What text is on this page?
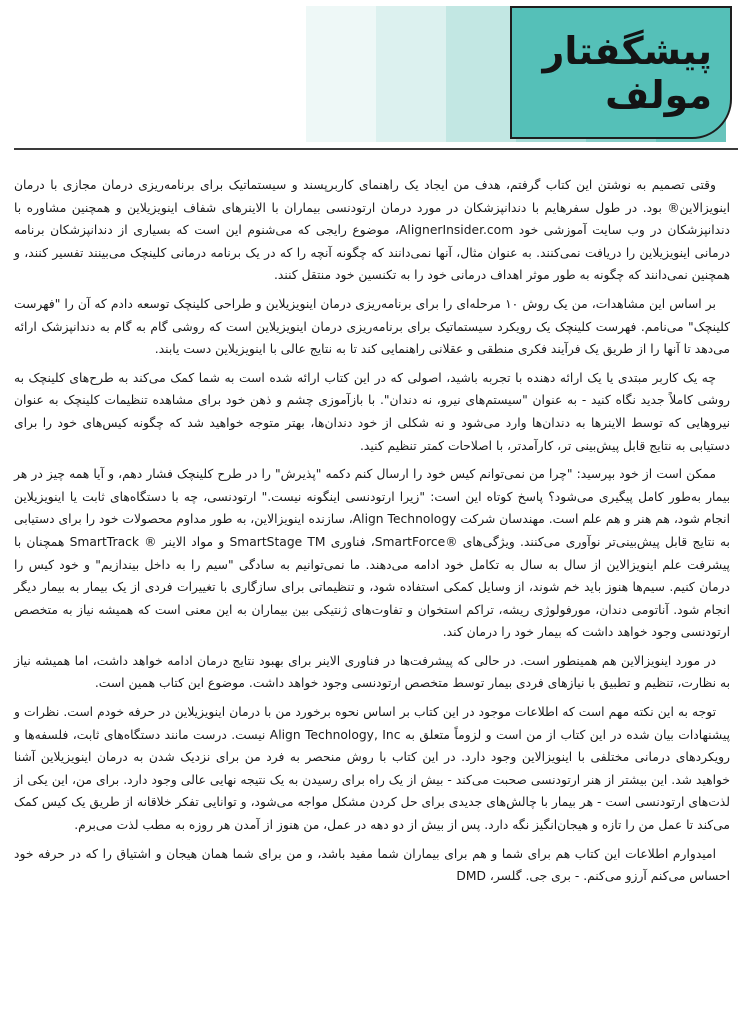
پیشگفتار مولف

وقتی تصمیم به نوشتن این کتاب گرفتم، هدف من ایجاد یک راهنمای کاربرپسند و سیستماتیک برای برنامه‌ریزی درمان مجازی با درمان اینویزالاین® بود. در طول سفرهایم با دندانپزشکان در مورد درمان ارتودنسی بیماران با الاینرهای شفاف اینویزیلاین و همچنین مشاوره با دندانپزشکان در وب سایت آموزشی خود AlignerInsider.com، موضوع رایجی که می‌شنوم این است که بسیاری از دندانپزشکان برنامه درمانی اینویزیلاین را دریافت نمی‌کنند. به عنوان مثال، آنها نمی‌دانند که چگونه آنچه را که در یک برنامه درمانی کلینچک می‌بینند تفسیر کنند، و همچنین نمی‌دانند که چگونه به طور موثر اهداف درمانی خود را به تکنسین خود منتقل کنند.

بر اساس این مشاهدات، من یک روش ۱۰ مرحله‌ای را برای برنامه‌ریزی درمان اینویزیلاین و طراحی کلینچک توسعه دادم که آن را "فهرست کلینچک" می‌نامم. فهرست کلینچک یک رویکرد سیستماتیک برای برنامه‌ریزی درمان اینویزیلاین است که روشی گام به گام به دندانپزشک ارائه می‌دهد تا آنها را از طریق یک فرآیند فکری منطقی و عقلانی راهنمایی کند تا به نتایج عالی با اینویزیلاین دست یابند.

چه یک کاربر مبتدی یا یک ارائه دهنده با تجربه باشید، اصولی که در این کتاب ارائه شده است به شما کمک می‌کند به طرح‌های کلینچک به روشی کاملاً جدید نگاه کنید - به عنوان "سیستم‌های نیرو، نه دندان". با بازآموزی چشم و ذهن خود برای مشاهده تنظیمات کلینچک به عنوان نیروهایی که توسط الاینرها به دندان‌ها وارد می‌شود و نه شکلی از خود دندان‌ها، بهتر متوجه خواهید شد که چگونه کیس‌های خود را برای دستیابی به نتایج قابل پیش‌بینی تر، کارآمدتر، با اصلاحات کمتر تنظیم کنید.

ممکن است از خود بپرسید: "چرا من نمی‌توانم کیس خود را ارسال کنم دکمه "پذیرش" را در طرح کلینچک فشار دهم، و آیا همه چیز در هر بیمار به‌طور کامل پیگیری می‌شود؟ پاسخ کوتاه این است: "زیرا ارتودنسی اینگونه نیست." ارتودنسی، چه با دستگاه‌های ثابت یا اینویزیلاین انجام شود، هم هنر و هم علم است. مهندسان شرکت Align Technology، سازنده اینویزالاین، به طور مداوم محصولات خود را برای دستیابی به نتایج قابل پیش‌بینی‌تر نوآوری می‌کنند. ویژگی‌های ®SmartForce، فناوری SmartStage TM و مواد الاینر ® SmartTrack همچنان با پیشرفت علم اینویزالاین از سال به سال به تکامل خود ادامه می‌دهند. ما نمی‌توانیم به سادگی "سیم را به داخل بیندازیم" و خود کیس را درمان کنیم. سیم‌ها هنوز باید خم شوند، از وسایل کمکی استفاده شود، و تنظیماتی برای سازگاری با تغییرات فردی از یک بیمار به بیمار دیگر انجام شود. آناتومی دندان، مورفولوژی ریشه، تراکم استخوان و تفاوت‌های ژنتیکی بین بیماران به این معنی است که همیشه نیاز به متخصص ارتودنسی وجود خواهد داشت که بیمار خود را درمان کند.

در مورد اینویزالاین هم همینطور است. در حالی که پیشرفت‌ها در فناوری الاینر برای بهبود نتایج درمان ادامه خواهد داشت، اما همیشه نیاز به نظارت، تنظیم و تطبیق با نیازهای فردی بیمار توسط متخصص ارتودنسی وجود خواهد داشت. موضوع این کتاب همین است.

توجه به این نکته مهم است که اطلاعات موجود در این کتاب بر اساس نحوه برخورد من با درمان اینویزیلاین در حرفه خودم است. نظرات و پیشنهادات بیان شده در این کتاب از من است و لزوماً متعلق به Align Technology, Inc نیست. درست مانند دستگاه‌های ثابت، فلسفه‌ها و رویکردهای درمانی مختلفی با اینویزالاین وجود دارد. در این کتاب با روش منحصر به فرد من برای نزدیک شدن به درمان اینویزیلاین آشنا خواهید شد. این بیشتر از هنر ارتودنسی صحبت می‌کند - بیش از یک راه برای رسیدن به یک نتیجه نهایی عالی وجود دارد. برای من، این یکی از لذت‌های ارتودنسی است - هر بیمار با چالش‌های جدیدی برای حل کردن مشکل مواجه می‌شود، و توانایی تفکر خلاقانه از طریق یک کیس کمک می‌کند تا عمل من را تازه و هیجان‌انگیز نگه دارد. پس از بیش از دو دهه در عمل، من هنوز از آمدن هر روزه به مطب لذت می‌برم.

امیدوارم اطلاعات این کتاب هم برای شما و هم برای بیماران شما مفید باشد، و من برای شما همان هیجان و اشتیاق را که در حرفه خود احساس می‌کنم آرزو می‌کنم. - بری جی. گلسر، DMD
